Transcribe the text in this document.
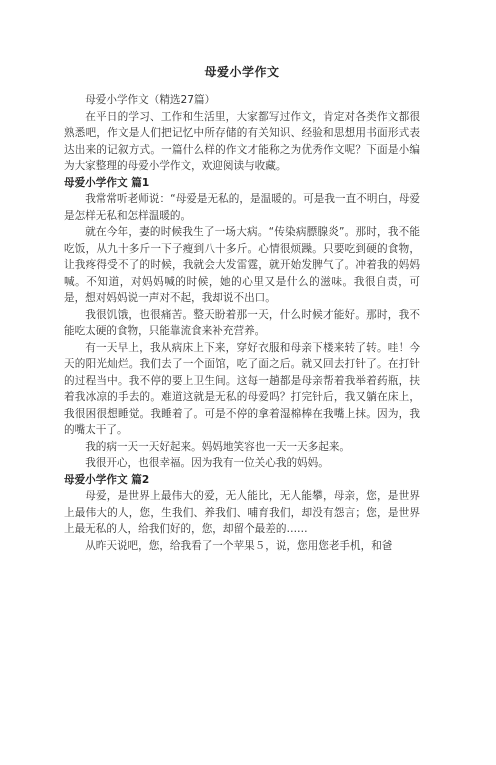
母爱小学作文

母爱小学作文（精选27篇）

在平日的学习、工作和生活里，大家都写过作文，肯定对各类作文都很熟悉吧，作文是人们把记忆中所存储的有关知识、经验和思想用书面形式表达出来的记叙方式。一篇什么样的作文才能称之为优秀作文呢？下面是小编为大家整理的母爱小学作文，欢迎阅读与收藏。

母爱小学作文 篇1

我常常听老师说：“母爱是无私的，是温暖的。可是我一直不明白，母爱是怎样无私和怎样温暖的。

就在今年，妻的时候我生了一场大病。“传染病膘腺炎”。那时，我不能吃饭，从九十多斤一下子瘦到八十多斤。心情很烦躁。只要吃到硬的食物，让我疼得受不了的时候，我就会大发雷霆，就开始发脾气了。冲着我的妈妈喊。不知道，对妈妈喊的时候，她的心里又是什么的滋味。我很自责，可是，想对妈妈说一声对不起，我却说不出口。

我很饥饿，也很痛苦。整天盼着那一天，什么时候才能好。那时，我不能吃太硬的食物，只能靠流食来补充营养。

有一天早上，我从病床上下来，穿好衣服和母亲下楼来转了转。哇！今天的阳光灿烂。我们去了一个面馆，吃了面之后。就又回去打针了。在打针的过程当中。我不停的要上卫生间。这每一趟都是母亲帮着我举着药瓶，扶着我冰凉的手去的。难道这就是无私的母爱吗？打完针后，我又躺在床上，我很困很想睡觉。我睡着了。可是不停的拿着湿棉棒在我嘴上抹。因为，我的嘴太干了。

我的病一天一天好起来。妈妈地笑容也一天一天多起来。

我很开心，也很幸福。因为我有一位关心我的妈妈。

母爱小学作文 篇2

母爱，是世界上最伟大的爱，无人能比，无人能攀，母亲，您，是世界上最伟大的人，您，生我们、养我们、哺育我们，却没有怨言；您，是世界上最无私的人，给我们好的，您，却留个最差的……

从昨天说吧，您，给我看了一个苹果５，说，您用您老手机，和爸
